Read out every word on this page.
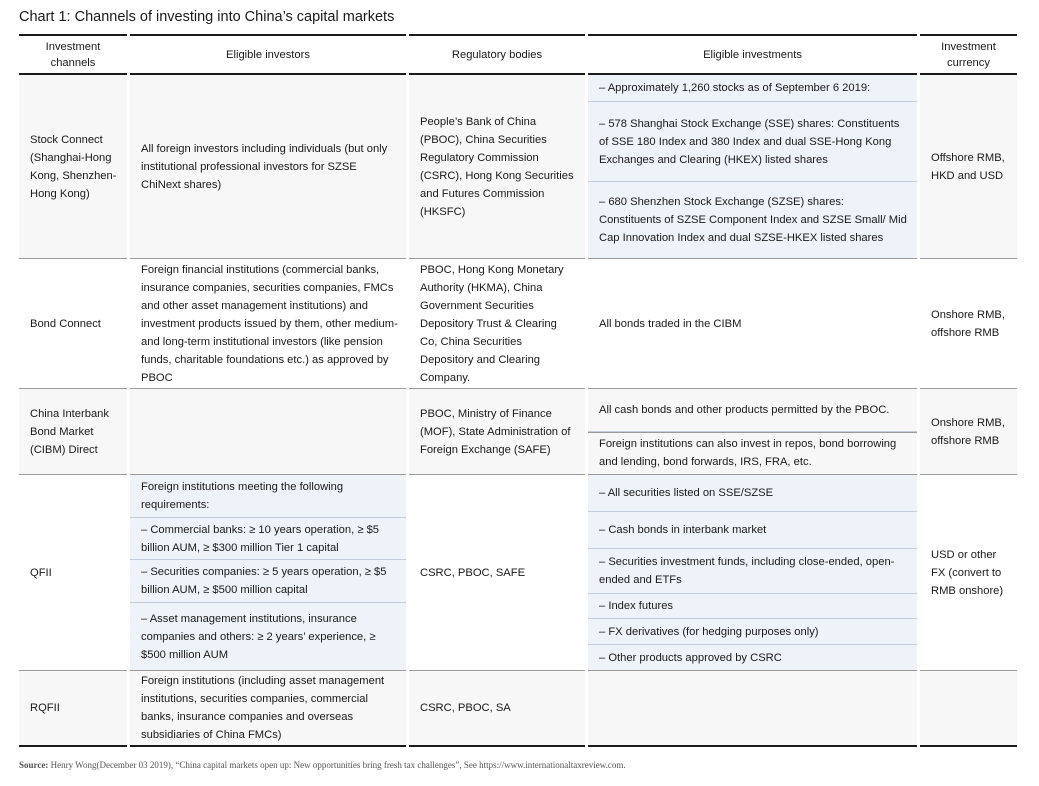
Chart 1: Channels of investing into China’s capital markets
Investment channels
Eligible investors	Regulatory bodies	Eligible investments
Investment currency
Stock Connect (Shanghai-Hong Kong, Shenzhen-Hong Kong)
All foreign investors including individuals (but only institutional professional investors for SZSE ChiNext shares)
People’s Bank of China (PBOC), China Securities Regulatory Commission (CSRC), Hong Kong Securities and Futures Commission (HKSFC)
– Approximately 1,260 stocks as of September 6 2019:
– 578 Shanghai Stock Exchange (SSE) shares: Constituents of SSE 180 Index and 380 Index and dual SSE-Hong Kong Exchanges and Clearing (HKEX) listed shares
– 680 Shenzhen Stock Exchange (SZSE) shares: Constituents of SZSE Component Index and SZSE Small/ Mid Cap Innovation Index and dual SZSE-HKEX listed shares
Offshore RMB, HKD and USD
Bond Connect
Foreign financial institutions (commercial banks, insurance companies, securities companies, FMCs and other asset management institutions) and investment products issued by them, other medium- and long-term institutional investors (like pension funds, charitable foundations etc.) as approved by PBOC
PBOC, Hong Kong Monetary Authority (HKMA), China Government Securities Depository Trust & Clearing Co, China Securities Depository and Clearing Company.
All bonds traded in the CIBM
Onshore RMB, offshore RMB
China Interbank Bond Market (CIBM) Direct
PBOC, Ministry of Finance (MOF), State Administration of Foreign Exchange (SAFE)
All cash bonds and other products permitted by the PBOC.
Foreign institutions can also invest in repos, bond borrowing and lending, bond forwards, IRS, FRA, etc.
Onshore RMB, offshore RMB
QFII
Foreign institutions meeting the following requirements:
– Commercial banks: ≥ 10 years operation, ≥ $5 billion AUM, ≥ $300 million Tier 1 capital
– Securities companies: ≥ 5 years operation, ≥ $5 billion AUM, ≥ $500 million capital
– Asset management institutions, insurance companies and others: ≥ 2 years’ experience, ≥ $500 million AUM
CSRC, PBOC, SAFE
– All securities listed on SSE/SZSE
– Cash bonds in interbank market
– Securities investment funds, including close-ended, open-ended and ETFs
– Index futures
– FX derivatives (for hedging purposes only)
– Other products approved by CSRC
USD or other FX (convert to RMB onshore)
RQFII
Foreign institutions (including asset management institutions, securities companies, commercial banks, insurance companies and overseas subsidiaries of China FMCs)
CSRC, PBOC, SA
Source: Henry Wong(December 03 2019), “China capital markets open up: New opportunities bring fresh tax challenges”, See https://www.internationaltaxreview.com.
